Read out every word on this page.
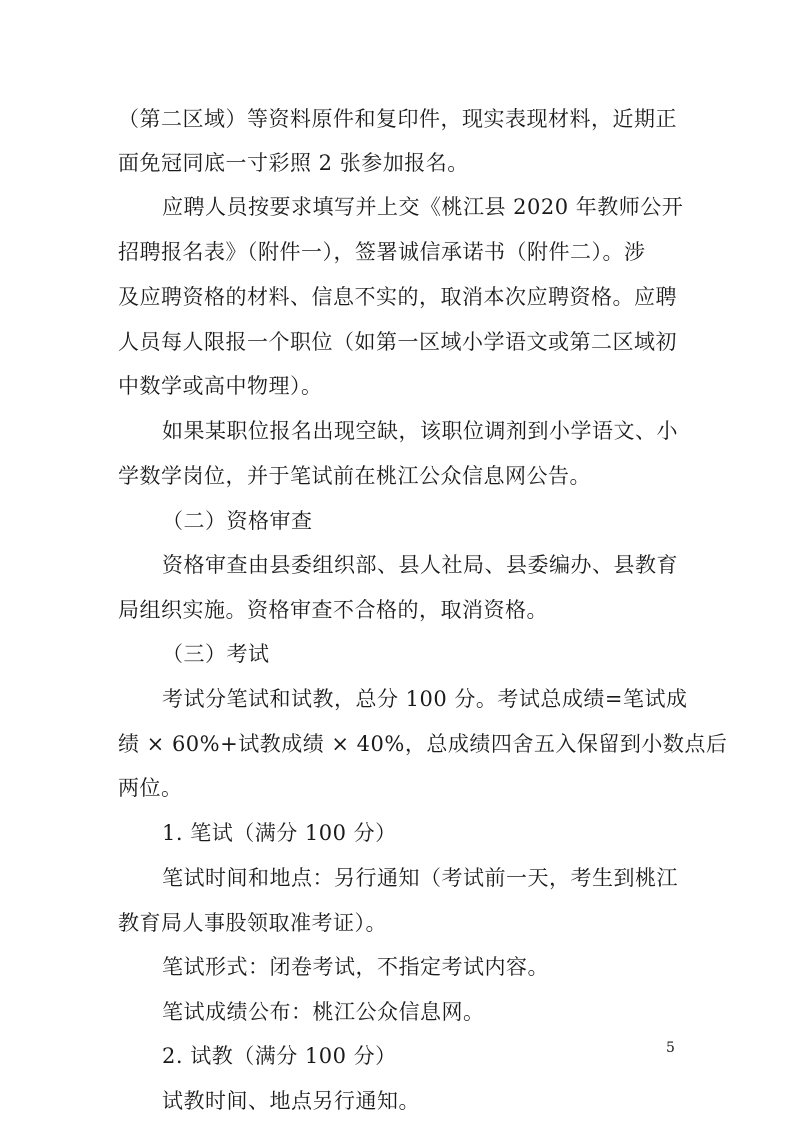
（第二区域）等资料原件和复印件，现实表现材料，近期正
面免冠同底一寸彩照 2 张参加报名。
应聘人员按要求填写并上交《桃江县 2020 年教师公开
招聘报名表》（附件一），签署诚信承诺书（附件二）。涉
及应聘资格的材料、信息不实的，取消本次应聘资格。应聘
人员每人限报一个职位（如第一区域小学语文或第二区域初
中数学或高中物理）。
如果某职位报名出现空缺，该职位调剂到小学语文、小
学数学岗位，并于笔试前在桃江公众信息网公告。
（二）资格审查
资格审查由县委组织部、县人社局、县委编办、县教育
局组织实施。资格审查不合格的，取消资格。
（三）考试
考试分笔试和试教，总分 100 分。考试总成绩=笔试成
绩 × 60%+试教成绩 × 40%，总成绩四舍五入保留到小数点后
两位。
1. 笔试（满分 100 分）
笔试时间和地点：另行通知（考试前一天，考生到桃江
教育局人事股领取准考证）。
笔试形式：闭卷考试，不指定考试内容。
笔试成绩公布：桃江公众信息网。
2. 试教（满分 100 分）
试教时间、地点另行通知。
5
